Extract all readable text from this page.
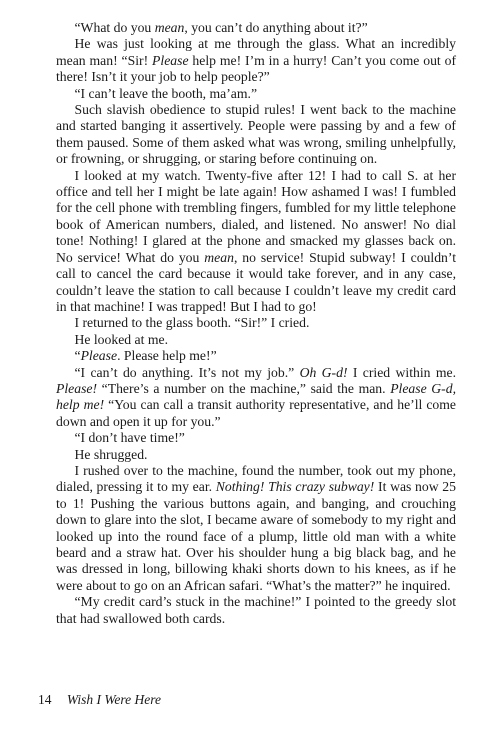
“What do you mean, you can’t do anything about it?”

He was just looking at me through the glass. What an incredibly mean man! “Sir! Please help me! I’m in a hurry! Can’t you come out of there! Isn’t it your job to help people?”

“I can’t leave the booth, ma’am.”

Such slavish obedience to stupid rules! I went back to the machine and started banging it assertively. People were passing by and a few of them paused. Some of them asked what was wrong, smiling unhelpfully, or frowning, or shrugging, or staring before continuing on.

I looked at my watch. Twenty-five after 12! I had to call S. at her office and tell her I might be late again! How ashamed I was! I fumbled for the cell phone with trembling fingers, fumbled for my little telephone book of American numbers, dialed, and listened. No answer! No dial tone! Nothing! I glared at the phone and smacked my glasses back on. No service! What do you mean, no service! Stupid subway! I couldn’t call to cancel the card because it would take forever, and in any case, couldn’t leave the station to call because I couldn’t leave my credit card in that machine! I was trapped! But I had to go!

I returned to the glass booth. “Sir!” I cried.

He looked at me.

“Please. Please help me!”

“I can’t do anything. It’s not my job.” Oh G-d! I cried within me. Please! “There’s a number on the machine,” said the man. Please G-d, help me! “You can call a transit authority representative, and he’ll come down and open it up for you.”

“I don’t have time!”

He shrugged.

I rushed over to the machine, found the number, took out my phone, dialed, pressing it to my ear. Nothing! This crazy subway! It was now 25 to 1! Pushing the various buttons again, and banging, and crouching down to glare into the slot, I became aware of somebody to my right and looked up into the round face of a plump, little old man with a white beard and a straw hat. Over his shoulder hung a big black bag, and he was dressed in long, billowing khaki shorts down to his knees, as if he were about to go on an African safari. “What’s the matter?” he inquired.

“My credit card’s stuck in the machine!” I pointed to the greedy slot that had swallowed both cards.

14 Wish I Were Here
